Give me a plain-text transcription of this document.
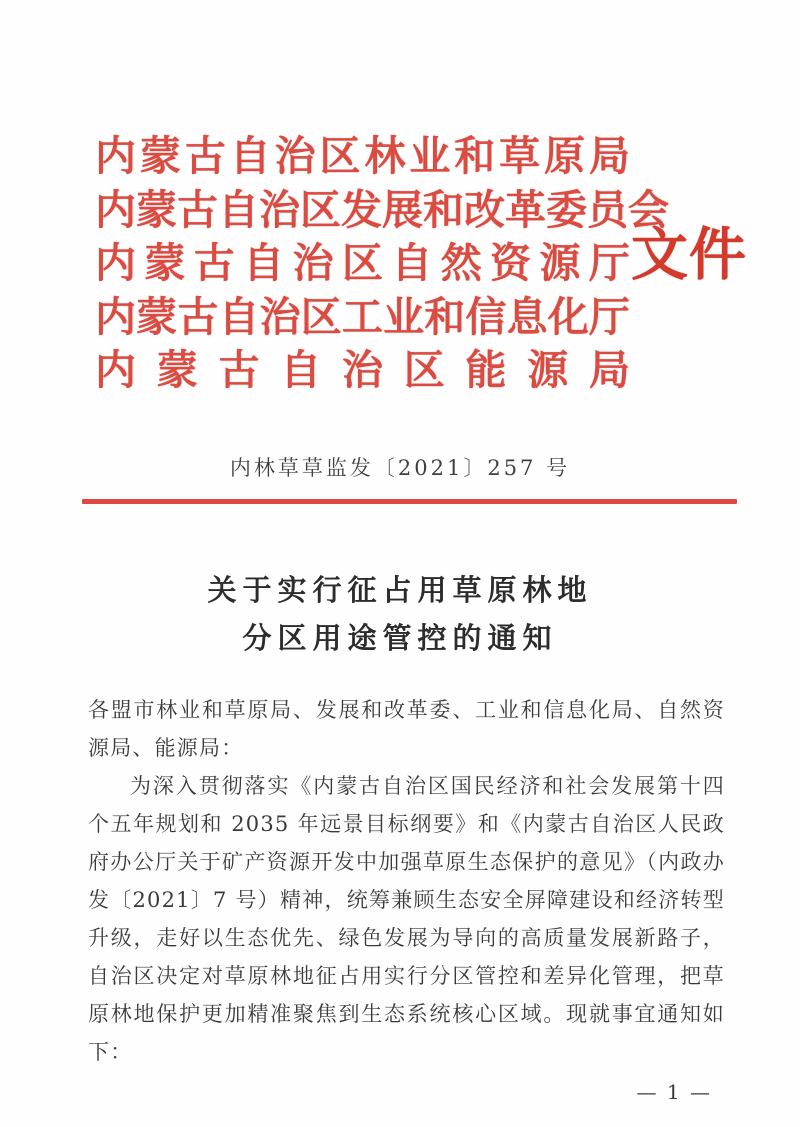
内 蒙 古 自 治 区 林 业 和 草 原 局
内 蒙 古 自 治 区 发 展 和 改 革 委 员 会
内 蒙 古 自 治 区 自 然 资 源 厅
内 蒙 古 自 治 区 工 业 和 信 息 化 厅
内 蒙 古 自 治 区 能 源 局
文件
内林草草监发〔2021〕257 号
关于实行征占用草原林地
分区用途管控的通知

各盟市林业和草原局、发展和改革委、工业和信息化局、自然资源局、能源局：

为深入贯彻落实《内蒙古自治区国民经济和社会发展第十四个五年规划和 2035 年远景目标纲要》和《内蒙古自治区人民政府办公厅关于矿产资源开发中加强草原生态保护的意见》（内政办发〔2021〕7 号）精神，统筹兼顾生态安全屏障建设和经济转型升级，走好以生态优先、绿色发展为导向的高质量发展新路子，自治区决定对草原林地征占用实行分区管控和差异化管理，把草原林地保护更加精准聚焦到生态系统核心区域。现就事宜通知如下：

— 1 —
